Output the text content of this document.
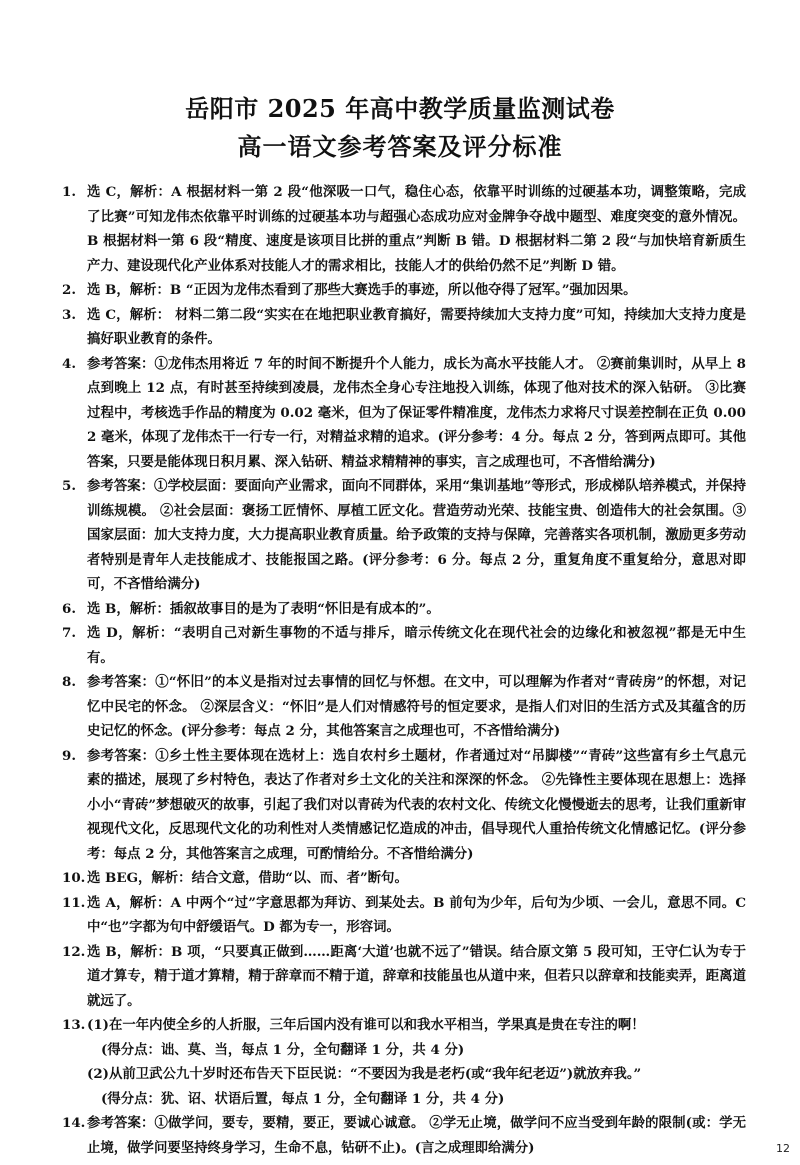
岳阳市 2025 年高中教学质量监测试卷
高一语文参考答案及评分标准
1. 选 C，解析：A 根据材料一第 2 段“他深吸一口气，稳住心态，依靠平时训练的过硬基本功，调整策略，完成了比赛”可知龙伟杰依靠平时训练的过硬基本功与超强心态成功应对金牌争夺战中题型、难度突变的意外情况。B 根据材料一第 6 段“精度、速度是该项目比拼的重点”判断 B 错。D 根据材料二第 2 段“与加快培育新质生产力、建设现代化产业体系对技能人才的需求相比，技能人才的供给仍然不足”判断 D 错。
2. 选 B，解析：B “正因为龙伟杰看到了那些大赛选手的事迹，所以他夺得了冠军。”强加因果。
3. 选 C，解析： 材料二第二段“实实在在地把职业教育搞好，需要持续加大支持力度”可知，持续加大支持力度是搞好职业教育的条件。
4. 参考答案：①龙伟杰用将近 7 年的时间不断提升个人能力，成长为高水平技能人才。 ②赛前集训时，从早上 8 点到晚上 12 点，有时甚至持续到凌晨，龙伟杰全身心专注地投入训练，体现了他对技术的深入钻研。 ③比赛过程中，考核选手作品的精度为 0.02 毫米，但为了保证零件精准度，龙伟杰力求将尺寸误差控制在正负 0.002 毫米，体现了龙伟杰干一行专一行，对精益求精的追求。(评分参考：4 分。每点 2 分，答到两点即可。其他答案，只要是能体现日积月累、深入钻研、精益求精精神的事实，言之成理也可，不吝惜给满分)
5. 参考答案：①学校层面：要面向产业需求，面向不同群体，采用“集训基地”等形式，形成梯队培养模式，并保持训练规模。 ②社会层面：褒扬工匠情怀、厚植工匠文化。营造劳动光荣、技能宝贵、创造伟大的社会氛围。③国家层面：加大支持力度，大力提高职业教育质量。给予政策的支持与保障，完善落实各项机制，激励更多劳动者特别是青年人走技能成才、技能报国之路。(评分参考：6 分。每点 2 分，重复角度不重复给分，意思对即可，不吝惜给满分)
6. 选 B，解析：插叙故事目的是为了表明“怀旧是有成本的”。
7. 选 D，解析：“表明自己对新生事物的不适与排斥，暗示传统文化在现代社会的边缘化和被忽视”都是无中生有。
8. 参考答案：①“怀旧”的本义是指对过去事情的回忆与怀想。在文中，可以理解为作者对“青砖房”的怀想，对记忆中民宅的怀念。 ②深层含义：“怀旧”是人们对情感符号的恒定要求，是指人们对旧的生活方式及其蕴含的历史记忆的怀念。(评分参考：每点 2 分，其他答案言之成理也可，不吝惜给满分)
9. 参考答案：①乡土性主要体现在选材上：选自农村乡土题材，作者通过对“吊脚楼”“青砖”这些富有乡土气息元素的描述，展现了乡村特色，表达了作者对乡土文化的关注和深深的怀念。 ②先锋性主要体现在思想上：选择小小“青砖”梦想破灭的故事，引起了我们对以青砖为代表的农村文化、传统文化慢慢逝去的思考，让我们重新审视现代文化，反思现代文化的功利性对人类情感记忆造成的冲击，倡导现代人重拾传统文化情感记忆。(评分参考：每点 2 分，其他答案言之成理，可酌情给分。不吝惜给满分)
10. 选 BEG，解析：结合文意，借助“以、而、者”断句。
11. 选 A，解析：A 中两个“过”字意思都为拜访、到某处去。B 前句为少年，后句为少顷、一会儿，意思不同。C 中“也”字都为句中舒缓语气。D 都为专一，形容词。
12. 选 B，解析：B 项，“只要真正做到……距离‘大道’也就不远了”错误。结合原文第 5 段可知，王守仁认为专于道才算专，精于道才算精，精于辞章而不精于道，辞章和技能虽也从道中来，但若只以辞章和技能卖弄，距离道就远了。
13. (1)在一年内使全乡的人折服，三年后国内没有谁可以和我水平相当，学果真是贵在专注的啊！
(得分点：诎、莫、当，每点 1 分，全句翻译 1 分，共 4 分)
(2)从前卫武公九十岁时还布告天下臣民说：“不要因为我是老朽(或“我年纪老迈”)就放弃我。”
(得分点：犹、诏、状语后置，每点 1 分，全句翻译 1 分，共 4 分)
14. 参考答案：①做学问，要专，要精，要正，要诚心诚意。 ②学无止境，做学问不应当受到年龄的限制(或：学无止境，做学问要坚持终身学习，生命不息，钻研不止)。(言之成理即给满分)	12
